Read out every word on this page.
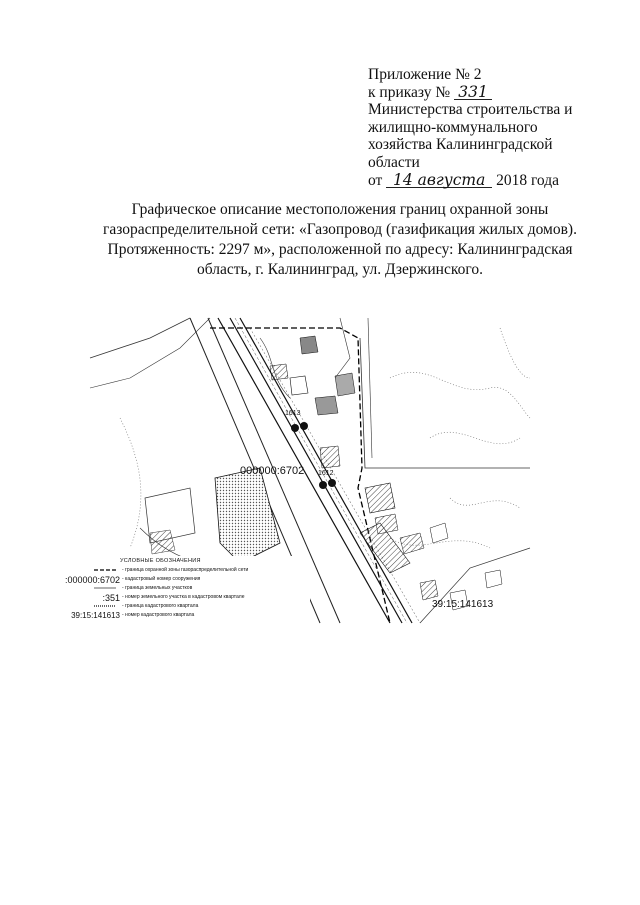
Приложение № 2
к приказу № 331
Министерства строительства и
жилищно-коммунального
хозяйства Калининградской
области
от 14 августа 2018 года
Графическое описание местоположения границ охранной зоны
газораспределительной сети: «Газопровод (газификация жилых домов).
Протяженность: 2297 м», расположенной по адресу: Калининградская
область, г. Калининград, ул. Дзержинского.
000000:6702
1613
1612
39:15:141613
УСЛОВНЫЕ ОБОЗНАЧЕНИЯ
- граница охранной зоны газораспределительной сети
:000000:6702 - кадастровый номер сооружения
- граница земельных участков
:351 - номер земельного участка в кадастровом квартале
- граница кадастрового квартала
39:15:141613 - номер кадастрового квартала
